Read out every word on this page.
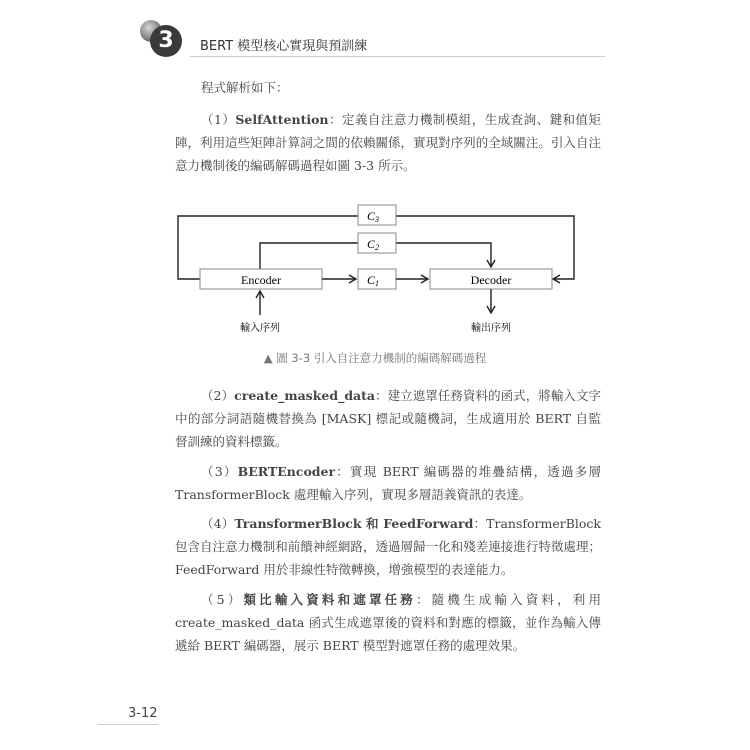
3	BERT 模型核心實現與預訓練

程式解析如下：

（1）SelfAttention：定義自注意力機制模組，生成查詢、鍵和值矩陣，利用這些矩陣計算詞之間的依賴關係，實現對序列的全域關注。引入自注意力機制後的編碼解碼過程如圖 3-3 所示。

C3
C2
Encoder	C1	Decoder
輸入序列	輸出序列
▲ 圖 3-3 引入自注意力機制的編碼解碼過程

（2）create_masked_data：建立遮罩任務資料的函式，將輸入文字中的部分詞語隨機替換為 [MASK] 標記或隨機詞，生成適用於 BERT 自監督訓練的資料標籤。

（3）BERTEncoder：實現 BERT 編碼器的堆疊結構，透過多層 TransformerBlock 處理輸入序列，實現多層語義資訊的表達。

（4）TransformerBlock 和 FeedForward：TransformerBlock 包含自注意力機制和前饋神經網路，透過層歸一化和殘差連接進行特徵處理；FeedForward 用於非線性特徵轉換，增強模型的表達能力。

（5）類比輸入資料和遮罩任務：隨機生成輸入資料，利用 create_masked_data 函式生成遮罩後的資料和對應的標籤，並作為輸入傳遞給 BERT 編碼器，展示 BERT 模型對遮罩任務的處理效果。

3-12
